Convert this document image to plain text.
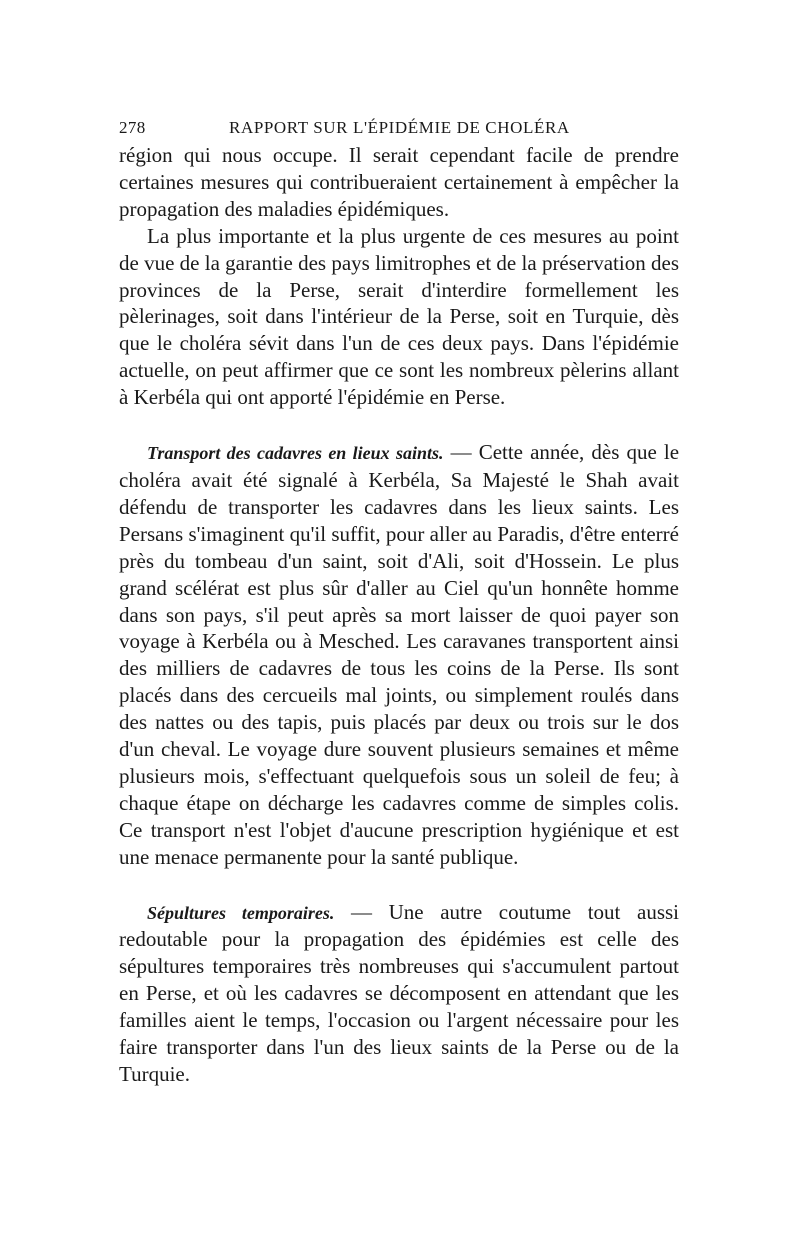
278	RAPPORT SUR L'ÉPIDÉMIE DE CHOLÉRA

région qui nous occupe. Il serait cependant facile de prendre certaines mesures qui contribueraient certainement à empêcher la propagation des maladies épidémiques.

La plus importante et la plus urgente de ces mesures au point de vue de la garantie des pays limitrophes et de la préservation des provinces de la Perse, serait d'interdire formellement les pèlerinages, soit dans l'intérieur de la Perse, soit en Turquie, dès que le choléra sévit dans l'un de ces deux pays. Dans l'épidémie actuelle, on peut affirmer que ce sont les nombreux pèlerins allant à Kerbéla qui ont apporté l'épidémie en Perse.

Transport des cadavres en lieux saints. — Cette année, dès que le choléra avait été signalé à Kerbéla, Sa Majesté le Shah avait défendu de transporter les cadavres dans les lieux saints. Les Persans s'imaginent qu'il suffit, pour aller au Paradis, d'être enterré près du tombeau d'un saint, soit d'Ali, soit d'Hossein. Le plus grand scélérat est plus sûr d'aller au Ciel qu'un honnête homme dans son pays, s'il peut après sa mort laisser de quoi payer son voyage à Kerbéla ou à Mesched. Les caravanes transportent ainsi des milliers de cadavres de tous les coins de la Perse. Ils sont placés dans des cercueils mal joints, ou simplement roulés dans des nattes ou des tapis, puis placés par deux ou trois sur le dos d'un cheval. Le voyage dure souvent plusieurs semaines et même plusieurs mois, s'effectuant quelquefois sous un soleil de feu; à chaque étape on décharge les cadavres comme de simples colis. Ce transport n'est l'objet d'aucune prescription hygiénique et est une menace permanente pour la santé publique.

Sépultures temporaires. — Une autre coutume tout aussi redoutable pour la propagation des épidémies est celle des sépultures temporaires très nombreuses qui s'accumulent partout en Perse, et où les cadavres se décomposent en attendant que les familles aient le temps, l'occasion ou l'argent nécessaire pour les faire transporter dans l'un des lieux saints de la Perse ou de la Turquie.
